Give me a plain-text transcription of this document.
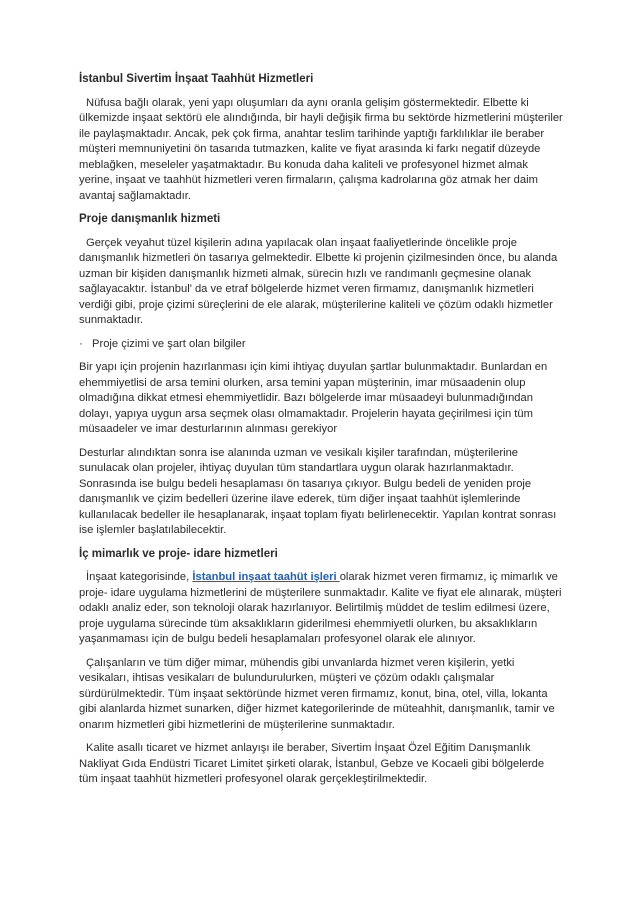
İstanbul Sivertim İnşaat Taahhüt Hizmetleri

Nüfusa bağlı olarak, yeni yapı oluşumları da aynı oranla gelişim göstermektedir. Elbette ki ülkemizde inşaat sektörü ele alındığında, bir hayli değişik firma bu sektörde hizmetlerini müşteriler ile paylaşmaktadır. Ancak, pek çok firma, anahtar teslim tarihinde yaptığı farklılıklar ile beraber müşteri memnuniyetini ön tasarıda tutmazken, kalite ve fiyat arasında ki farkı negatif düzeyde meblağken, meseleler yaşatmaktadır. Bu konuda daha kaliteli ve profesyonel hizmet almak yerine, inşaat ve taahhüt hizmetleri veren firmaların, çalışma kadrolarına göz atmak her daim avantaj sağlamaktadır.

Proje danışmanlık hizmeti

Gerçek veyahut tüzel kişilerin adına yapılacak olan inşaat faaliyetlerinde öncelikle proje danışmanlık hizmetleri ön tasarıya gelmektedir. Elbette ki projenin çizilmesinden önce, bu alanda uzman bir kişiden danışmanlık hizmeti almak, sürecin hızlı ve randımanlı geçmesine olanak sağlayacaktır. İstanbul' da ve etraf bölgelerde hizmet veren firmamız, danışmanlık hizmetleri verdiği gibi, proje çizimi süreçlerini de ele alarak, müşterilerine kaliteli ve çözüm odaklı hizmetler sunmaktadır.

· Proje çizimi ve şart olan bilgiler

Bir yapı için projenin hazırlanması için kimi ihtiyaç duyulan şartlar bulunmaktadır. Bunlardan en ehemmiyetlisi de arsa temini olurken, arsa temini yapan müşterinin, imar müsaadenin olup olmadığına dikkat etmesi ehemmiyetlidir. Bazı bölgelerde imar müsaadeyi bulunmadığından dolayı, yapıya uygun arsa seçmek olası olmamaktadır. Projelerin hayata geçirilmesi için tüm müsaadeler ve imar desturlarının alınması gerekiyor

Desturlar alındıktan sonra ise alanında uzman ve vesikalı kişiler tarafından, müşterilerine sunulacak olan projeler, ihtiyaç duyulan tüm standartlara uygun olarak hazırlanmaktadır. Sonrasında ise bulgu bedeli hesaplaması ön tasarıya çıkıyor. Bulgu bedeli de yeniden proje danışmanlık ve çizim bedelleri üzerine ilave ederek, tüm diğer inşaat taahhüt işlemlerinde kullanılacak bedeller ile hesaplanarak, inşaat toplam fiyatı belirlenecektir. Yapılan kontrat sonrası ise işlemler başlatılabilecektir.

İç mimarlık ve proje- idare hizmetleri

İnşaat kategorisinde, İstanbul inşaat taahüt işleri olarak hizmet veren firmamız, iç mimarlık ve proje- idare uygulama hizmetlerini de müşterilere sunmaktadır. Kalite ve fiyat ele alınarak, müşteri odaklı analiz eder, son teknoloji olarak hazırlanıyor. Belirtilmiş müddet de teslim edilmesi üzere, proje uygulama sürecinde tüm aksaklıkların giderilmesi ehemmiyetli olurken, bu aksaklıkların yaşanmaması için de bulgu bedeli hesaplamaları profesyonel olarak ele alınıyor.

Çalışanların ve tüm diğer mimar, mühendis gibi unvanlarda hizmet veren kişilerin, yetki vesikaları, ihtisas vesikaları de bulundurulurken, müşteri ve çözüm odaklı çalışmalar sürdürülmektedir. Tüm inşaat sektöründe hizmet veren firmamız, konut, bina, otel, villa, lokanta gibi alanlarda hizmet sunarken, diğer hizmet kategorilerinde de müteahhit, danışmanlık, tamir ve onarım hizmetleri gibi hizmetlerini de müşterilerine sunmaktadır.

Kalite asallı ticaret ve hizmet anlayışı ile beraber, Sivertim İnşaat Özel Eğitim Danışmanlık Nakliyat Gıda Endüstri Ticaret Limitet şirketi olarak, İstanbul, Gebze ve Kocaeli gibi bölgelerde tüm inşaat taahhüt hizmetleri profesyonel olarak gerçekleştirilmektedir.
